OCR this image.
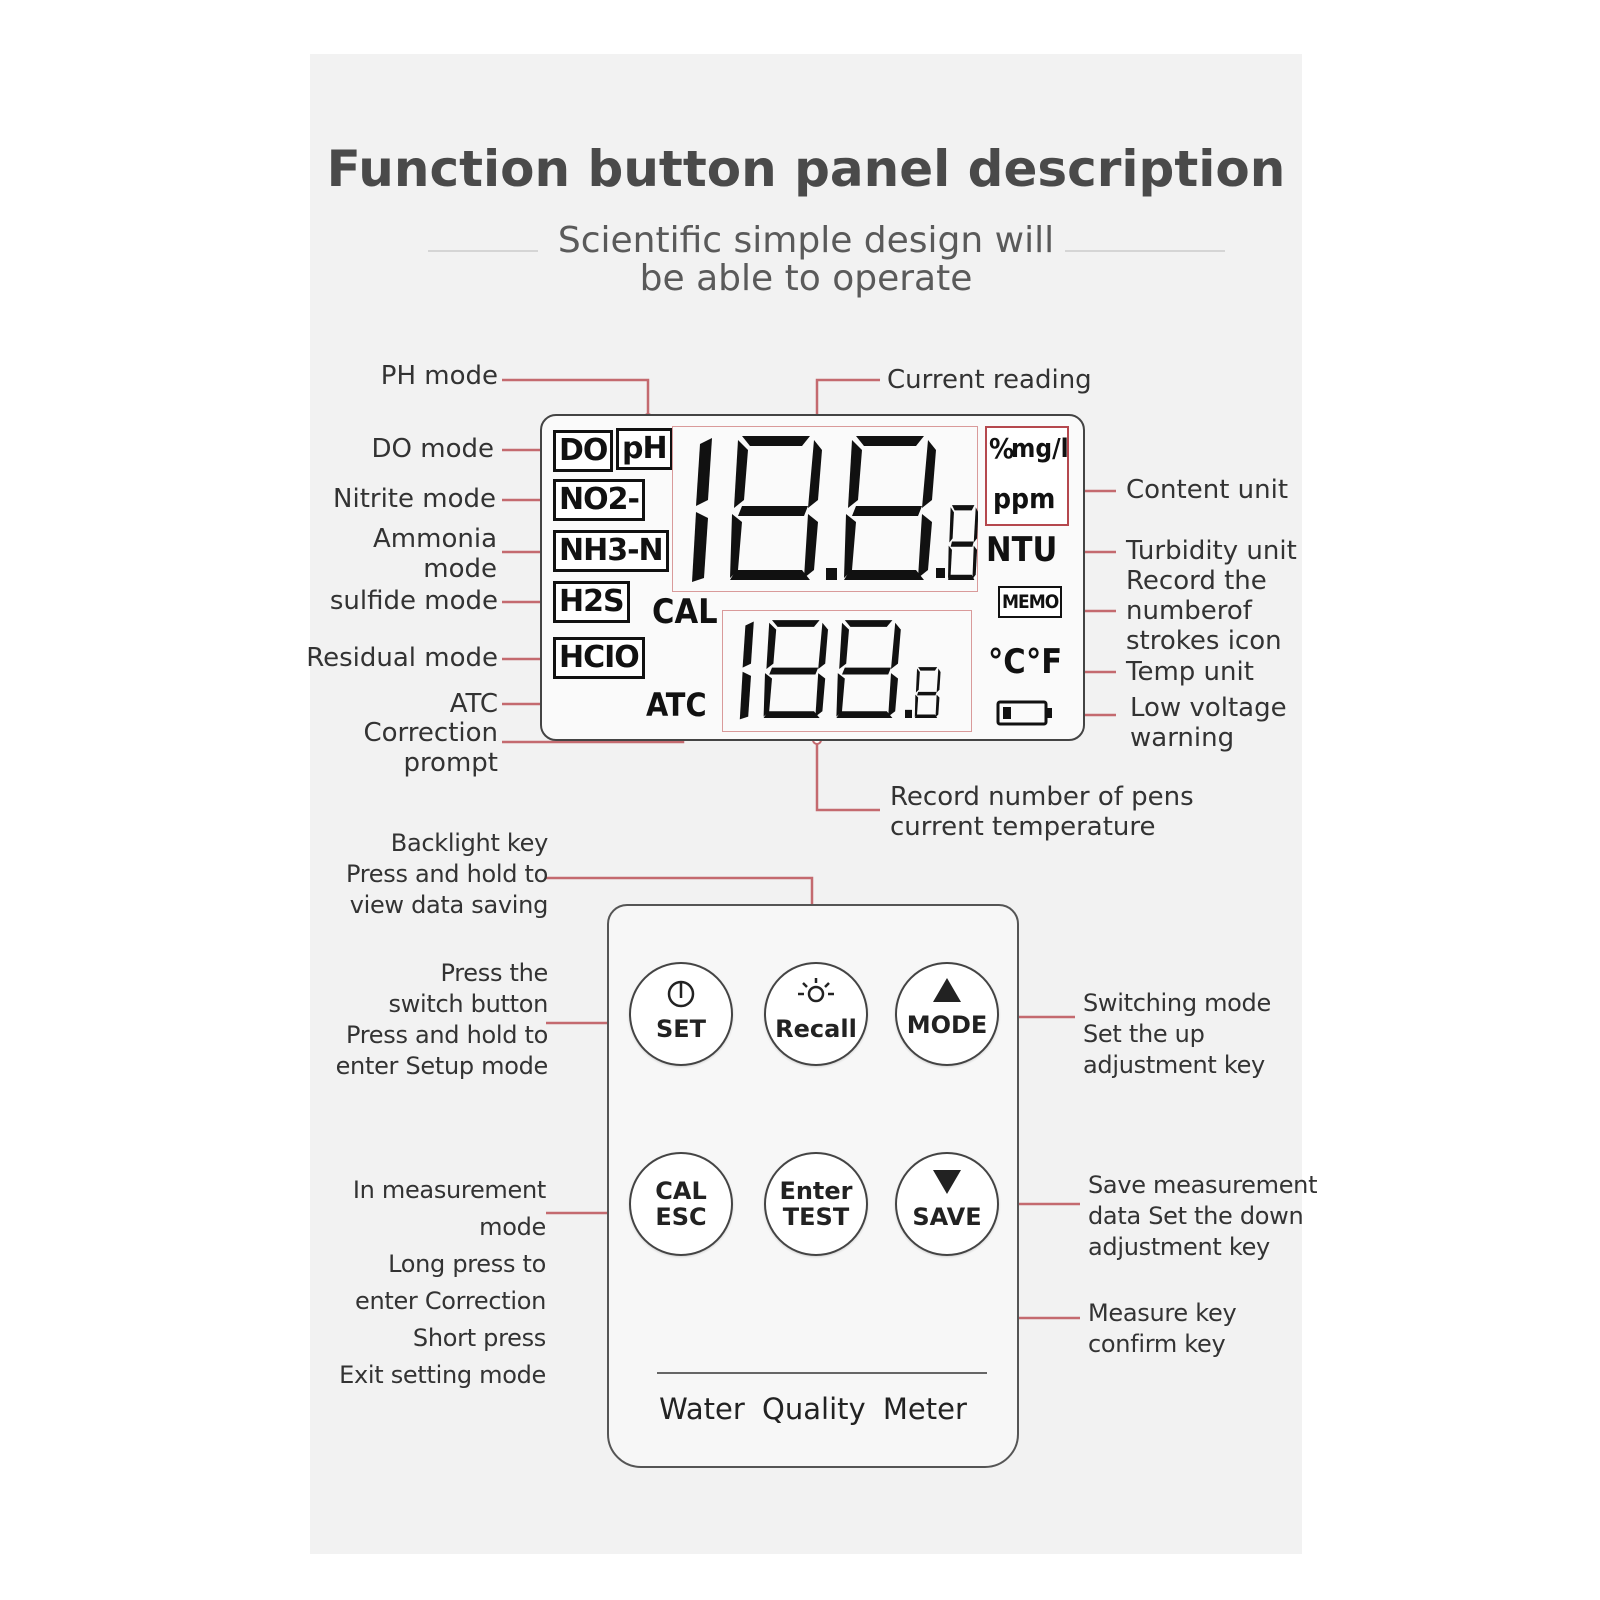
Function button panel description
Scientific simple design will
be able to operate
PH mode
DO mode
Nitrite mode
Ammonia
mode
sulfide mode
Residual mode
ATC
Correction
prompt
Current reading
Content unit
Turbidity unit
Record the
numberof
strokes icon
Temp unit
Low voltage
warning
Record number of pens
current temperature
DO pH
NO2-
NH3-N
H2S
HCIO
CAL
ATC
%
mg/l
ppm
NTU
MEMO
°C °F
Backlight key
Press and hold to
view data saving
Press the
switch button
Press and hold to
enter Setup mode
Switching mode
Set the up
adjustment key
In measurement
mode
Long press to
enter Correction
Short press
Exit setting mode
Save measurement
data Set the down
adjustment key
Measure key
confirm key
SET	Recall	MODE
CAL
ESC
Enter
TEST	SAVE
Water Quality Meter
